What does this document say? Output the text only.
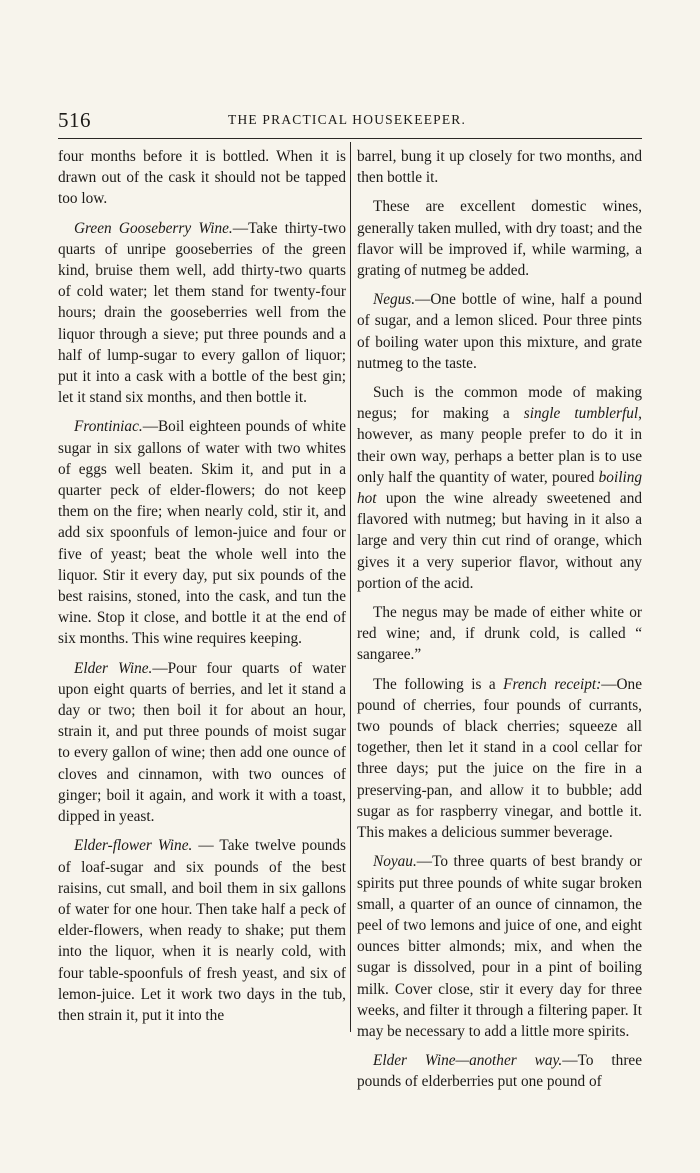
516	THE PRACTICAL HOUSEKEEPER.

four months before it is bottled. When it is drawn out of the cask it should not be tapped too low.

Green Gooseberry Wine.—Take thirty-two quarts of unripe gooseberries of the green kind, bruise them well, add thirty-two quarts of cold water; let them stand for twenty-four hours; drain the gooseberries well from the liquor through a sieve; put three pounds and a half of lump-sugar to every gallon of liquor; put it into a cask with a bottle of the best gin; let it stand six months, and then bottle it.

Frontiniac.—Boil eighteen pounds of white sugar in six gallons of water with two whites of eggs well beaten. Skim it, and put in a quarter peck of elder-flowers; do not keep them on the fire; when nearly cold, stir it, and add six spoonfuls of lemon-juice and four or five of yeast; beat the whole well into the liquor. Stir it every day, put six pounds of the best raisins, stoned, into the cask, and tun the wine. Stop it close, and bottle it at the end of six months. This wine requires keeping.

Elder Wine.—Pour four quarts of water upon eight quarts of berries, and let it stand a day or two; then boil it for about an hour, strain it, and put three pounds of moist sugar to every gallon of wine; then add one ounce of cloves and cinnamon, with two ounces of ginger; boil it again, and work it with a toast, dipped in yeast.

Elder-flower Wine. — Take twelve pounds of loaf-sugar and six pounds of the best raisins, cut small, and boil them in six gallons of water for one hour. Then take half a peck of elder-flowers, when ready to shake; put them into the liquor, when it is nearly cold, with four table-spoonfuls of fresh yeast, and six of lemon-juice. Let it work two days in the tub, then strain it, put it into the

barrel, bung it up closely for two months, and then bottle it.

These are excellent domestic wines, generally taken mulled, with dry toast; and the flavor will be improved if, while warming, a grating of nutmeg be added.

Negus.—One bottle of wine, half a pound of sugar, and a lemon sliced. Pour three pints of boiling water upon this mixture, and grate nutmeg to the taste.

Such is the common mode of making negus; for making a single tumblerful, however, as many people prefer to do it in their own way, perhaps a better plan is to use only half the quantity of water, poured boiling hot upon the wine already sweetened and flavored with nutmeg; but having in it also a large and very thin cut rind of orange, which gives it a very superior flavor, without any portion of the acid.

The negus may be made of either white or red wine; and, if drunk cold, is called “ sangaree.”

The following is a French receipt:—One pound of cherries, four pounds of currants, two pounds of black cherries; squeeze all together, then let it stand in a cool cellar for three days; put the juice on the fire in a preserving-pan, and allow it to bubble; add sugar as for raspberry vinegar, and bottle it. This makes a delicious summer beverage.

Noyau.—To three quarts of best brandy or spirits put three pounds of white sugar broken small, a quarter of an ounce of cinnamon, the peel of two lemons and juice of one, and eight ounces bitter almonds; mix, and when the sugar is dissolved, pour in a pint of boiling milk. Cover close, stir it every day for three weeks, and filter it through a filtering paper. It may be necessary to add a little more spirits.

Elder Wine—another way.—To three pounds of elderberries put one pound of
